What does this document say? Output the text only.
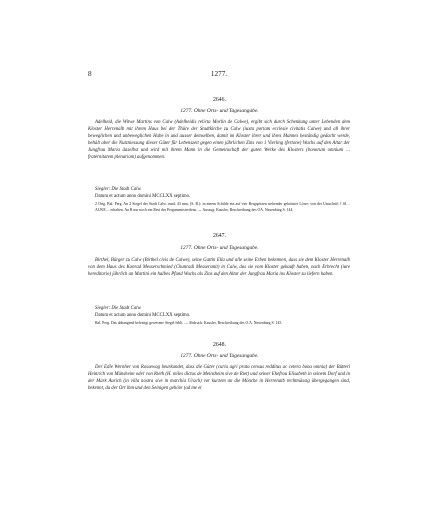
8	1277.
2646.
1277. Ohne Orts- und Tagesangabe.

Adelheid, die Witwe Martins von Calw (Adelheidis relicta Morlin de Calwe), ergibt sich durch Schenkung unter Lebenden dem Kloster Herrenalb mit ihrem Haus bei der Thüre der Stadtkirche zu Calw (iuxta portam ecclesie civitatis Calwe) und all ihrer beweglichen und unbeweglichen Habe in und ausser demselben, damit im Kloster ihrer und ihres Mannes beständig gedacht werde, behält aber die Nutzniessung dieser Güter für Lebenszeit gegen einen jährlichen Zins von 1 Vierling (fertone) Wachs auf den Altar der Jungfrau Maria daselbst und wird mit ihrem Mann in die Gemeinschaft der guten Werke des Klosters (bonorum omnium … fraternitatem plenariam) aufgenommen.

Siegler: Die Stadt Calw.

Datum et actum anno domini MCCLXX septimo.

2 Orig. Bal. Perg. An 2 Siegel der Stadt Calw, rund, 43 mm, (S. B.): in einem Schilde ein auf vier Bergspitzen stehender gekrönter Löwe; von der Umschrift †.SI… ALWE… erhalten. An B nur noch ein Rest des Pergamentstreifens. — Auszug: Kausler, Beschreibung des OA. Neuenbürg S. 144.

2647.
1277. Ohne Orts- und Tagesangabe.

Birthel, Bürger zu Calw (Birthel civis de Calwe), seine Gattin Ella und alle seine Erben bekennen, dass sie dem Kloster Herrenalb von dem Haus des Konrad Messerschmied (Chunradi Messersmit) in Calw, das sie vom Kloster gekauft haben, nach Erbrecht (iure hereditario) jährlich an Martini ein halbes Pfund Wachs als Zins auf den Altar der Jungfrau Maria ins Kloster zu liefern haben.

Siegler: Die Stadt Calw.

Datum et actum anno domini MCCLXX septimo.

Bal. Perg. Das abhangend befestigt gewesene Siegel fehlt. — Abdruck: Kausler, Beschreibung des O.A. Neuenbürg S. 145.

2648.
1277. Ohne Orts- und Tagesangabe.

Der Edle Wernher von Rossewag beurkundet, dass die Güter (curia agri prata census redditus ac cetera bona omnia) der Bütteri Heinrich von Münsheim oder von Rieth (H. miles dictus de Meinsheim sive de Riet) und seiner Ehefrau Elisabeth in seinem Dorf und in der Mark Aurich (in villa nostra sive in marchia Urach) vor kurzem an die Mönche in Herrenalb rechtmässig übergegangen sind, bekennt, da der Ort ihm und den Seinigen gehöre (ad me et
